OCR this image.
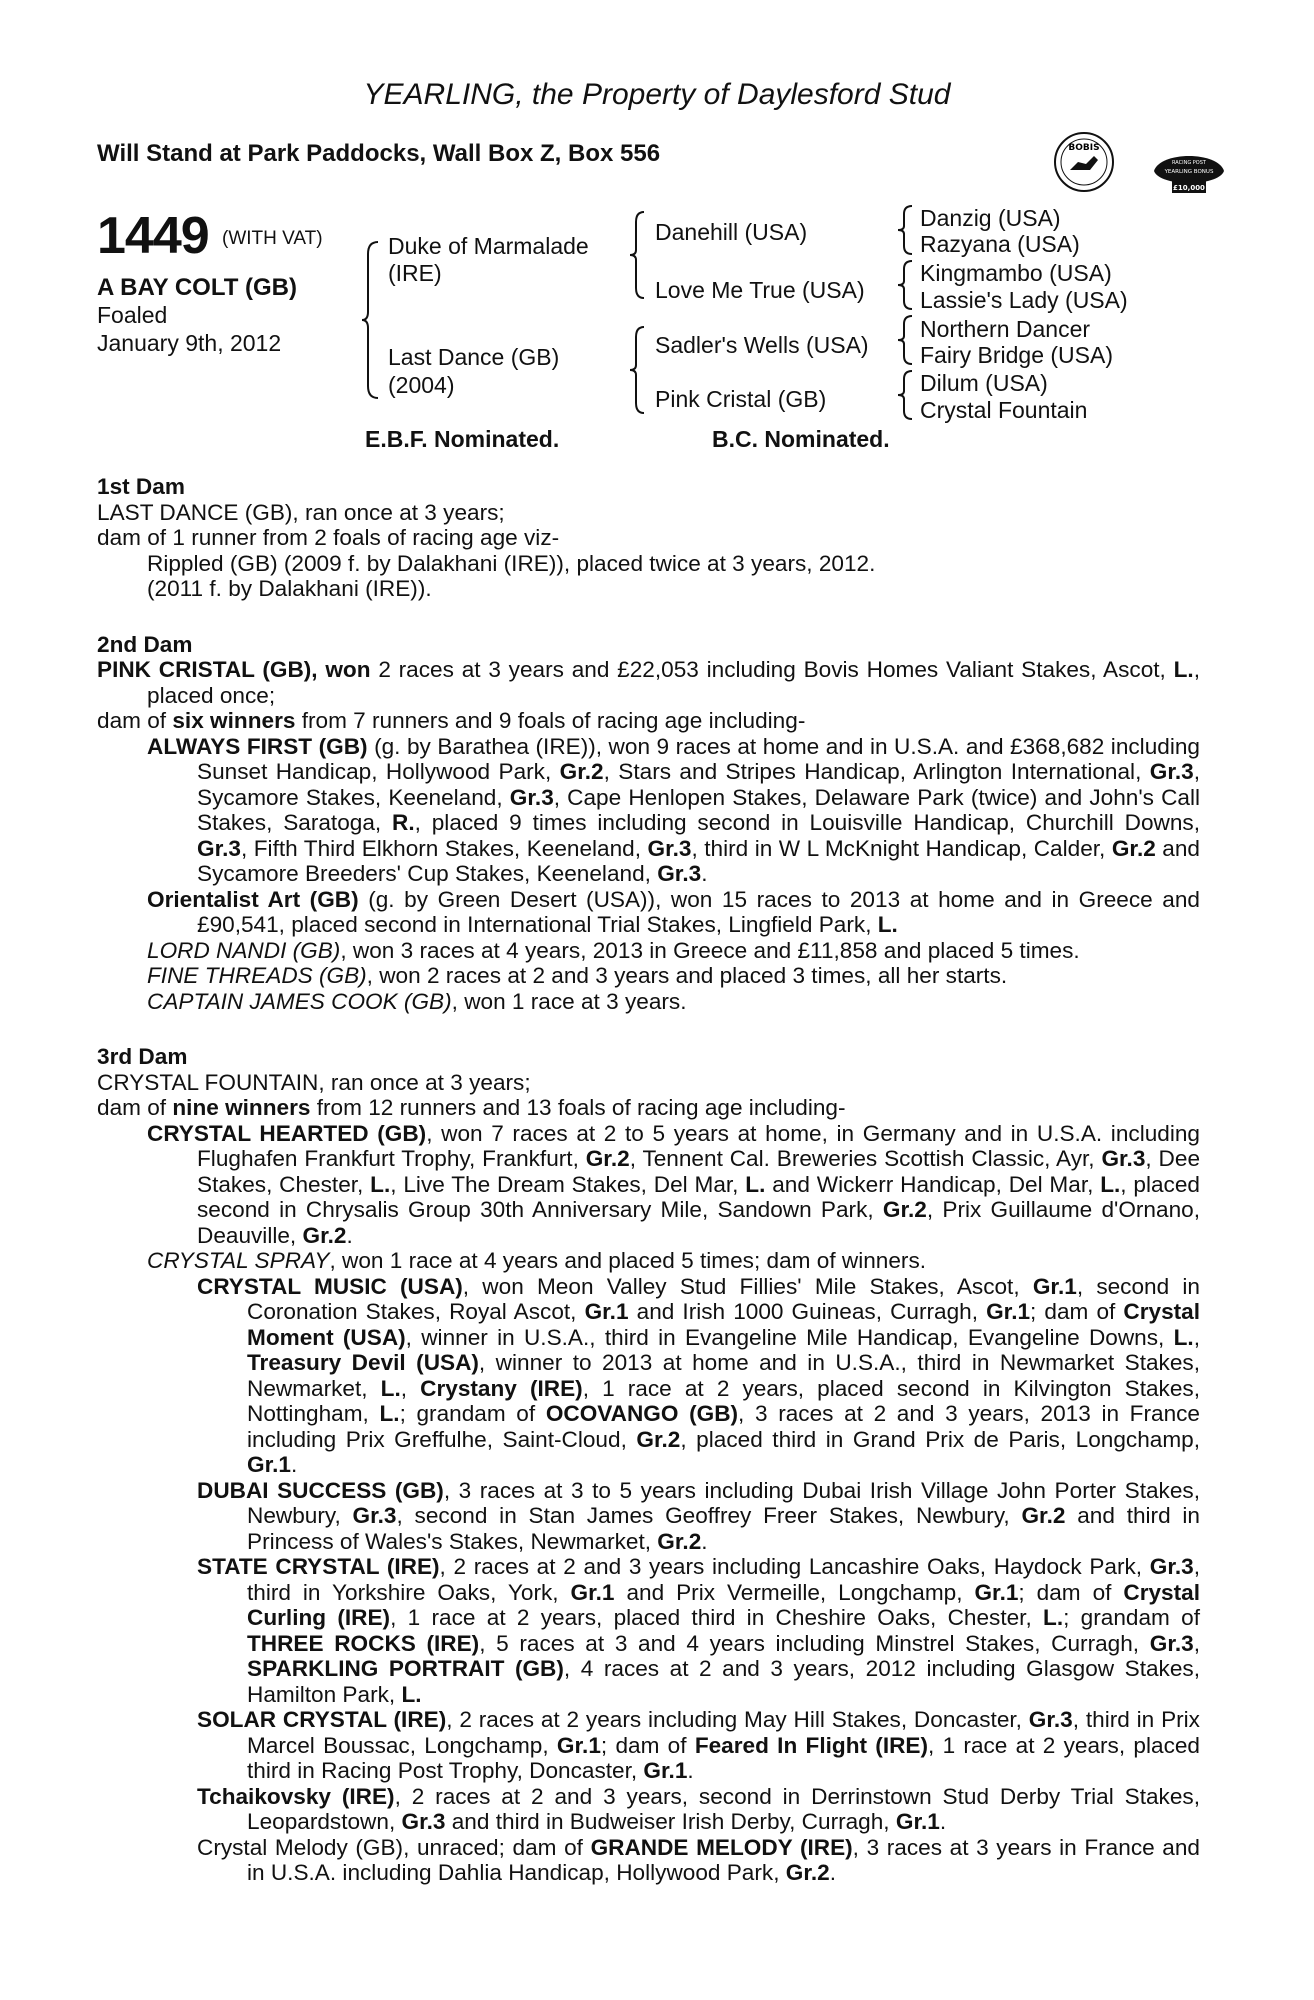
YEARLING, the Property of Daylesford Stud
Will Stand at Park Paddocks, Wall Box Z, Box 556	BOBIS
RACING POST
YEARLING BONUS
£10,000
1449 (WITH VAT)
A BAY COLT (GB)
Foaled
January 9th, 2012
Duke of Marmalade
(IRE)
Last Dance (GB)
(2004)
Danehill (USA)
Love Me True (USA)
Sadler's Wells (USA)
Pink Cristal (GB)
Danzig (USA)
Razyana (USA)
Kingmambo (USA)
Lassie's Lady (USA)
Northern Dancer
Fairy Bridge (USA)
Dilum (USA)
Crystal Fountain
E.B.F. Nominated.	B.C. Nominated.

1st Dam

LAST DANCE (GB), ran once at 3 years;

dam of 1 runner from 2 foals of racing age viz-

Rippled (GB) (2009 f. by Dalakhani (IRE)), placed twice at 3 years, 2012.

(2011 f. by Dalakhani (IRE)).

2nd Dam

PINK CRISTAL (GB), won 2 races at 3 years and £22,053 including Bovis Homes Valiant Stakes, Ascot, L., placed once;

dam of six winners from 7 runners and 9 foals of racing age including-

ALWAYS FIRST (GB) (g. by Barathea (IRE)), won 9 races at home and in U.S.A. and £368,682 including Sunset Handicap, Hollywood Park, Gr.2, Stars and Stripes Handicap, Arlington International, Gr.3, Sycamore Stakes, Keeneland, Gr.3, Cape Henlopen Stakes, Delaware Park (twice) and John's Call Stakes, Saratoga, R., placed 9 times including second in Louisville Handicap, Churchill Downs, Gr.3, Fifth Third Elkhorn Stakes, Keeneland, Gr.3, third in W L McKnight Handicap, Calder, Gr.2 and Sycamore Breeders' Cup Stakes, Keeneland, Gr.3.

Orientalist Art (GB) (g. by Green Desert (USA)), won 15 races to 2013 at home and in Greece and £90,541, placed second in International Trial Stakes, Lingfield Park, L.

LORD NANDI (GB), won 3 races at 4 years, 2013 in Greece and £11,858 and placed 5 times.

FINE THREADS (GB), won 2 races at 2 and 3 years and placed 3 times, all her starts.

CAPTAIN JAMES COOK (GB), won 1 race at 3 years.

3rd Dam

CRYSTAL FOUNTAIN, ran once at 3 years;

dam of nine winners from 12 runners and 13 foals of racing age including-

CRYSTAL HEARTED (GB), won 7 races at 2 to 5 years at home, in Germany and in U.S.A. including Flughafen Frankfurt Trophy, Frankfurt, Gr.2, Tennent Cal. Breweries Scottish Classic, Ayr, Gr.3, Dee Stakes, Chester, L., Live The Dream Stakes, Del Mar, L. and Wickerr Handicap, Del Mar, L., placed second in Chrysalis Group 30th Anniversary Mile, Sandown Park, Gr.2, Prix Guillaume d'Ornano, Deauville, Gr.2.

CRYSTAL SPRAY, won 1 race at 4 years and placed 5 times; dam of winners.

CRYSTAL MUSIC (USA), won Meon Valley Stud Fillies' Mile Stakes, Ascot, Gr.1, second in Coronation Stakes, Royal Ascot, Gr.1 and Irish 1000 Guineas, Curragh, Gr.1; dam of Crystal Moment (USA), winner in U.S.A., third in Evangeline Mile Handicap, Evangeline Downs, L., Treasury Devil (USA), winner to 2013 at home and in U.S.A., third in Newmarket Stakes, Newmarket, L., Crystany (IRE), 1 race at 2 years, placed second in Kilvington Stakes, Nottingham, L.; grandam of OCOVANGO (GB), 3 races at 2 and 3 years, 2013 in France including Prix Greffulhe, Saint-Cloud, Gr.2, placed third in Grand Prix de Paris, Longchamp, Gr.1.

DUBAI SUCCESS (GB), 3 races at 3 to 5 years including Dubai Irish Village John Porter Stakes, Newbury, Gr.3, second in Stan James Geoffrey Freer Stakes, Newbury, Gr.2 and third in Princess of Wales's Stakes, Newmarket, Gr.2.

STATE CRYSTAL (IRE), 2 races at 2 and 3 years including Lancashire Oaks, Haydock Park, Gr.3, third in Yorkshire Oaks, York, Gr.1 and Prix Vermeille, Longchamp, Gr.1; dam of Crystal Curling (IRE), 1 race at 2 years, placed third in Cheshire Oaks, Chester, L.; grandam of THREE ROCKS (IRE), 5 races at 3 and 4 years including Minstrel Stakes, Curragh, Gr.3, SPARKLING PORTRAIT (GB), 4 races at 2 and 3 years, 2012 including Glasgow Stakes, Hamilton Park, L.

SOLAR CRYSTAL (IRE), 2 races at 2 years including May Hill Stakes, Doncaster, Gr.3, third in Prix Marcel Boussac, Longchamp, Gr.1; dam of Feared In Flight (IRE), 1 race at 2 years, placed third in Racing Post Trophy, Doncaster, Gr.1.

Tchaikovsky (IRE), 2 races at 2 and 3 years, second in Derrinstown Stud Derby Trial Stakes, Leopardstown, Gr.3 and third in Budweiser Irish Derby, Curragh, Gr.1.

Crystal Melody (GB), unraced; dam of GRANDE MELODY (IRE), 3 races at 3 years in France and in U.S.A. including Dahlia Handicap, Hollywood Park, Gr.2.
